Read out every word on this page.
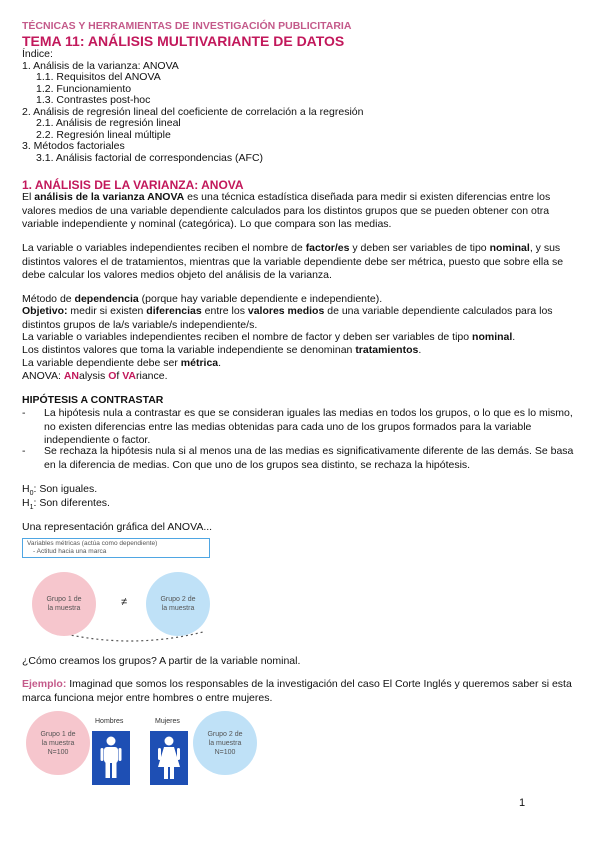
TÉCNICAS Y HERRAMIENTAS DE INVESTIGACIÓN PUBLICITARIA
TEMA 11: ANÁLISIS MULTIVARIANTE DE DATOS
Índice:
1. Análisis de la varianza: ANOVA
1.1. Requisitos del ANOVA
1.2. Funcionamiento
1.3. Contrastes post-hoc
2. Análisis de regresión lineal del coeficiente de correlación a la regresión
2.1. Análisis de regresión lineal
2.2. Regresión lineal múltiple
3. Métodos factoriales
3.1. Análisis factorial de correspondencias (AFC)
1. ANÁLISIS DE LA VARIANZA: ANOVA
El análisis de la varianza ANOVA es una técnica estadística diseñada para medir si existen diferencias entre los valores medios de una variable dependiente calculados para los distintos grupos que se pueden obtener con otra variable independiente y nominal (categórica). Lo que compara son las medias.
La variable o variables independientes reciben el nombre de factor/es y deben ser variables de tipo nominal, y sus distintos valores el de tratamientos, mientras que la variable dependiente debe ser métrica, puesto que sobre ella se debe calcular los valores medios objeto del análisis de la varianza.
Método de dependencia (porque hay variable dependiente e independiente).
Objetivo: medir si existen diferencias entre los valores medios de una variable dependiente calculados para los distintos grupos de la/s variable/s independiente/s.
La variable o variables independientes reciben el nombre de factor y deben ser variables de tipo nominal.
Los distintos valores que toma la variable independiente se denominan tratamientos.
La variable dependiente debe ser métrica.
ANOVA: ANalysis Of VAriance.
HIPÓTESIS A CONTRASTAR
- La hipótesis nula a contrastar es que se consideran iguales las medias en todos los grupos, o lo que es lo mismo, no existen diferencias entre las medias obtenidas para cada uno de los grupos formados para la variable independiente o factor.
- Se rechaza la hipótesis nula si al menos una de las medias es significativamente diferente de las demás. Se basa en la diferencia de medias. Con que uno de los grupos sea distinto, se rechaza la hipótesis.
$H_0$: Son iguales.
$H_1$: Son diferentes.
Una representación gráfica del ANOVA...
Variables métricas (actúa como dependiente)
- Actitud hacia una marca
Grupo 1 de la muestra
≠	Grupo 2 de la muestra
¿Cómo creamos los grupos? A partir de la variable nominal.
Ejemplo: Imaginad que somos los responsables de la investigación del caso El Corte Inglés y queremos saber si esta marca funciona mejor entre hombres o entre mujeres.
Grupo 1 de la muestra N=100
Hombres	Mujeres
Grupo 2 de la muestra N=100
1
